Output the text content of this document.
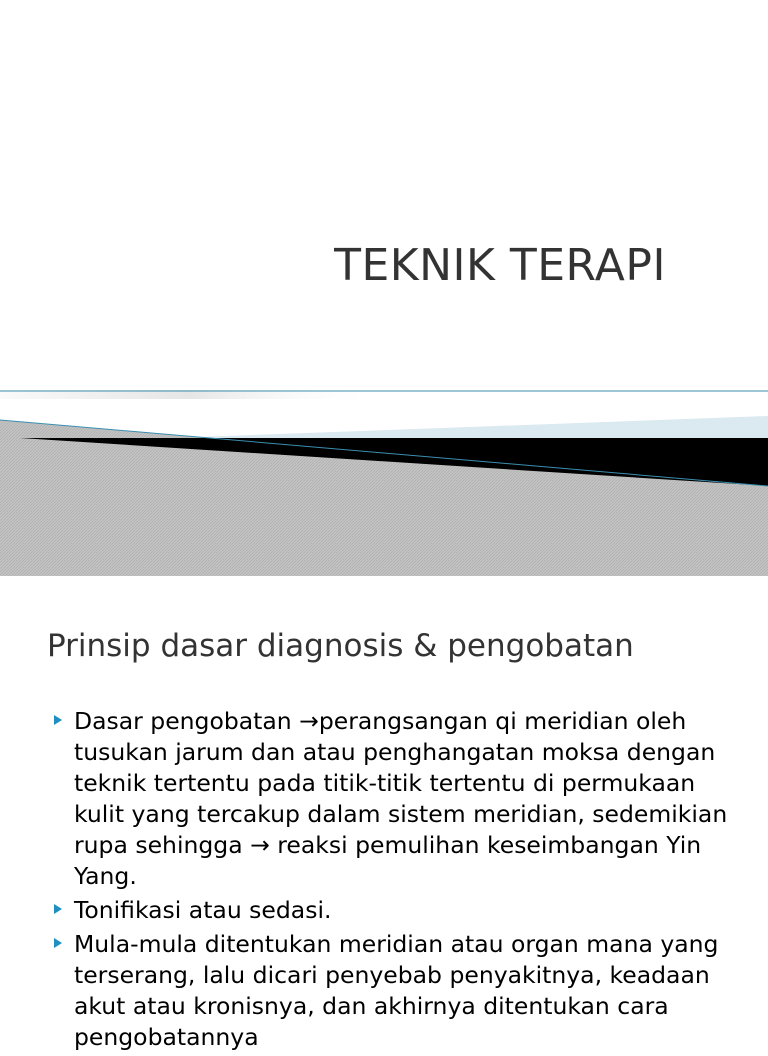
TEKNIK TERAPI
Prinsip dasar diagnosis & pengobatan
Dasar pengobatan →perangsangan qi meridian oleh tusukan jarum dan atau penghangatan moksa dengan teknik tertentu pada titik-titik tertentu di permukaan kulit yang tercakup dalam sistem meridian, sedemikian rupa sehingga → reaksi pemulihan keseimbangan Yin Yang.
Tonifikasi atau sedasi.
Mula-mula ditentukan meridian atau organ mana yang terserang, lalu dicari penyebab penyakitnya, keadaan akut atau kronisnya, dan akhirnya ditentukan cara pengobatannya
